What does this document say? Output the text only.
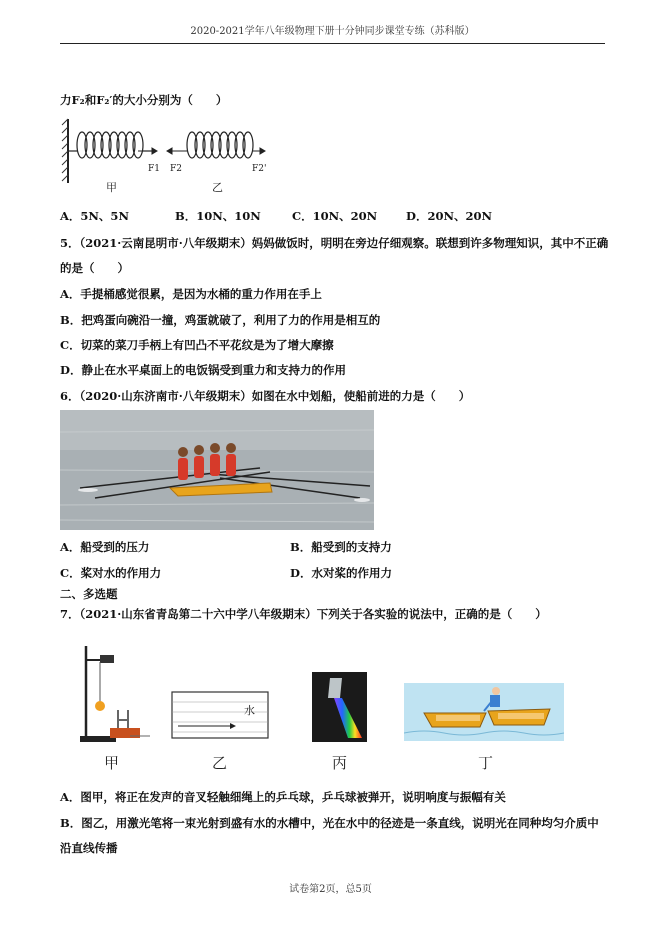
2020-2021学年八年级物理下册十分钟同步课堂专练（苏科版）
力F₂和F₂′的大小分别为（　　）
F1 F2	F2'
甲	乙
A．5N、5N	B．10N、10N	C．10N、20N	D．20N、20N
5．（2021·云南昆明市·八年级期末）妈妈做饭时，明明在旁边仔细观察。联想到许多物理知识，其中不正确
的是（　　）
A．手提桶感觉很累，是因为水桶的重力作用在手上
B．把鸡蛋向碗沿一撞，鸡蛋就破了，利用了力的作用是相互的
C．切菜的菜刀手柄上有凹凸不平花纹是为了增大摩擦
D．静止在水平桌面上的电饭锅受到重力和支持力的作用
6．（2020·山东济南市·八年级期末）如图在水中划船，使船前进的力是（　　）
A．船受到的压力	B．船受到的支持力
C．桨对水的作用力	D．水对桨的作用力
二、多选题
7．（2021·山东省青岛第二十六中学八年级期末）下列关于各实验的说法中，正确的是（　　）
水
甲	乙	丙	丁
A．图甲，将正在发声的音叉轻触细绳上的乒乓球，乒乓球被弹开，说明响度与振幅有关
B．图乙，用激光笔将一束光射到盛有水的水槽中，光在水中的径迹是一条直线，说明光在同种均匀介质中
沿直线传播
试卷第2页，总5页
